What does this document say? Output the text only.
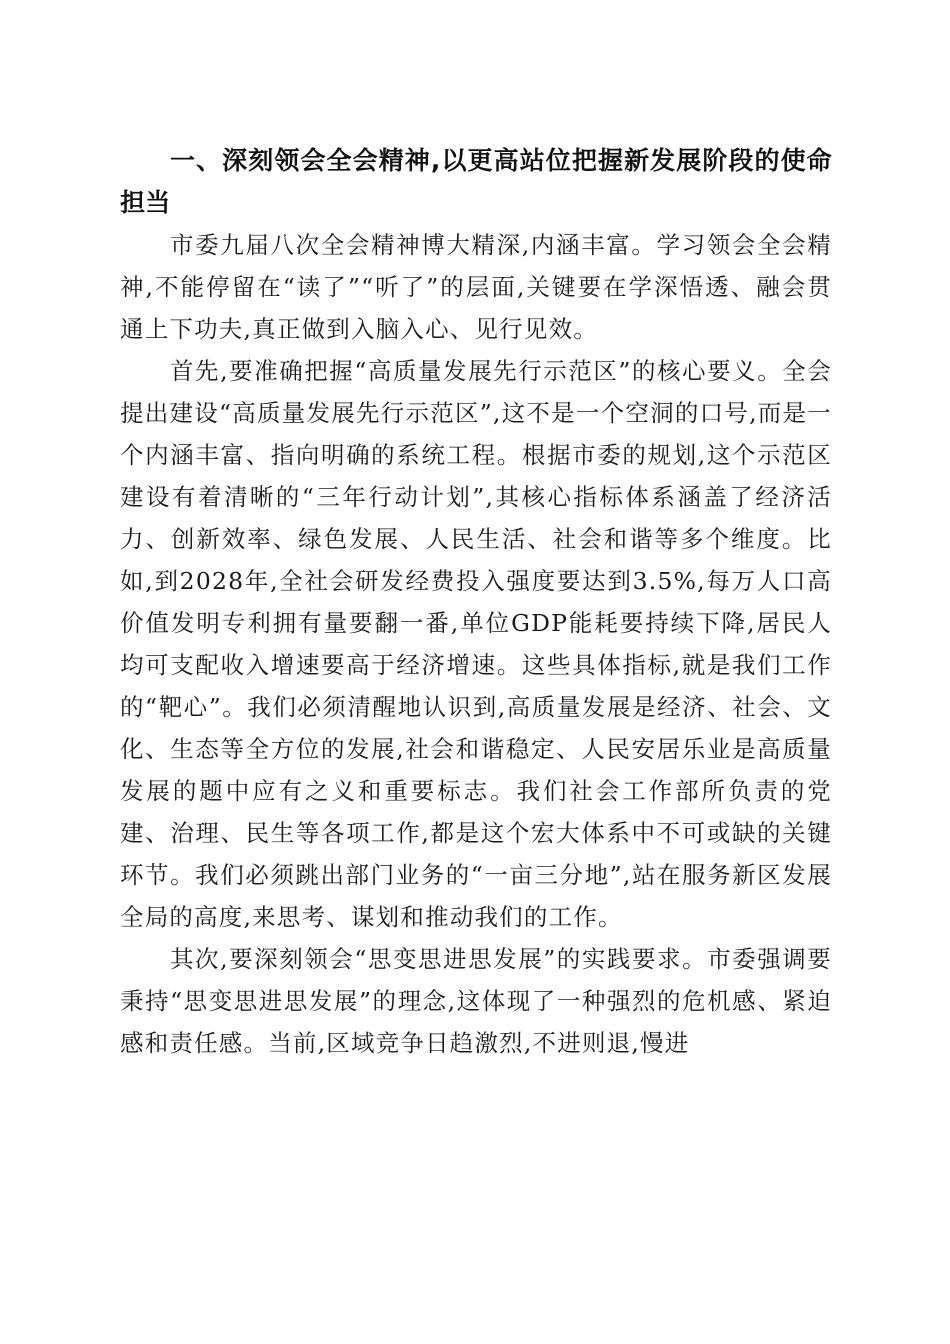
一、深刻领会全会精神,以更高站位把握新发展阶段的使命担当

市委九届八次全会精神博大精深,内涵丰富。学习领会全会精神,不能停留在“读了”“听了”的层面,关键要在学深悟透、融会贯通上下功夫,真正做到入脑入心、见行见效。

首先,要准确把握“高质量发展先行示范区”的核心要义。全会提出建设“高质量发展先行示范区”,这不是一个空洞的口号,而是一个内涵丰富、指向明确的系统工程。根据市委的规划,这个示范区建设有着清晰的“三年行动计划”,其核心指标体系涵盖了经济活力、创新效率、绿色发展、人民生活、社会和谐等多个维度。比如,到2028年,全社会研发经费投入强度要达到3.5%,每万人口高价值发明专利拥有量要翻一番,单位GDP能耗要持续下降,居民人均可支配收入增速要高于经济增速。这些具体指标,就是我们工作的“靶心”。我们必须清醒地认识到,高质量发展是经济、社会、文化、生态等全方位的发展,社会和谐稳定、人民安居乐业是高质量发展的题中应有之义和重要标志。我们社会工作部所负责的党建、治理、民生等各项工作,都是这个宏大体系中不可或缺的关键环节。我们必须跳出部门业务的“一亩三分地”,站在服务新区发展全局的高度,来思考、谋划和推动我们的工作。

其次,要深刻领会“思变思进思发展”的实践要求。市委强调要秉持“思变思进思发展”的理念,这体现了一种强烈的危机感、紧迫感和责任感。当前,区域竞争日趋激烈,不进则退,慢进
